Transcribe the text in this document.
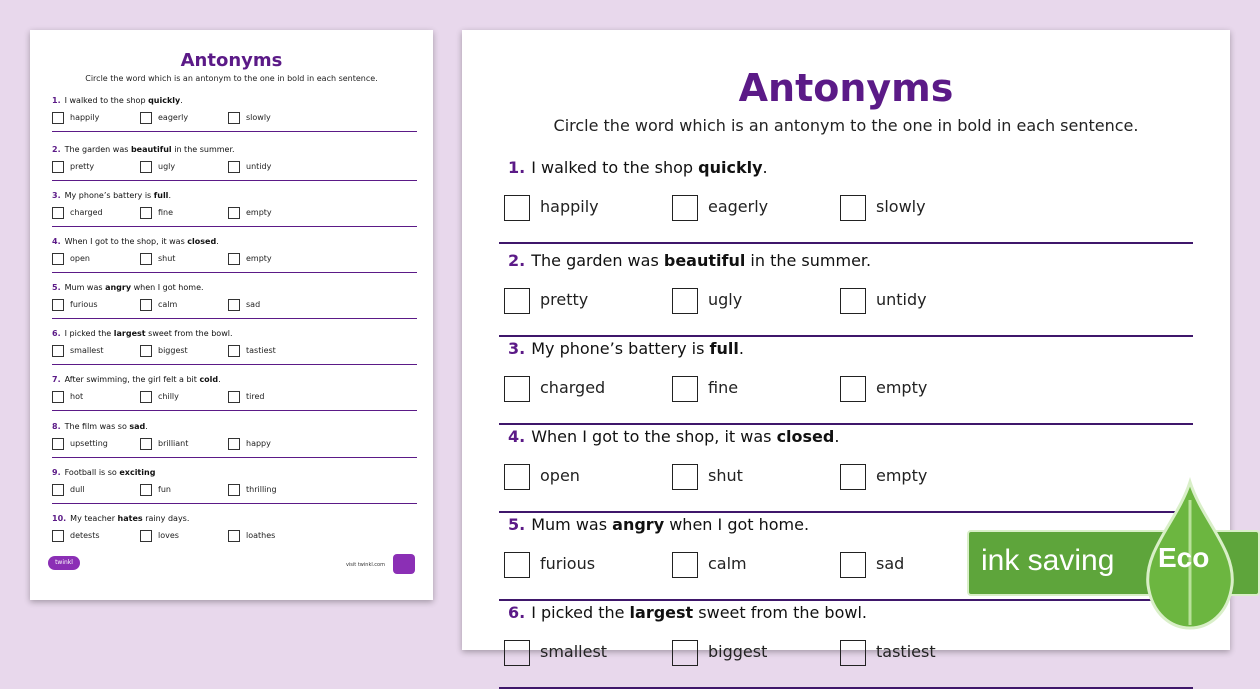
Antonyms
Circle the word which is an antonym to the one in bold in each sentence.
1. I walked to the shop quickly.
happily	eagerly	slowly
2. The garden was beautiful in the summer.
pretty	ugly	untidy
3. My phone’s battery is full.
charged	fine	empty
4. When I got to the shop, it was closed.
open	shut	empty
5. Mum was angry when I got home.
furious	calm	sad
6. I picked the largest sweet from the bowl.
smallest	biggest	tastiest
7. After swimming, the girl felt a bit cold.
hot	chilly	tired
8. The film was so sad.
upsetting	brilliant	happy
9. Football is so exciting
dull	fun	thrilling
10. My teacher hates rainy days.
detests	loves	loathes
twinkl	visit twinkl.com
Antonyms
Circle the word which is an antonym to the one in bold in each sentence.
1. I walked to the shop quickly.
happily	eagerly	slowly
2. The garden was beautiful in the summer.
pretty	ugly	untidy
3. My phone’s battery is full.
charged	fine	empty
4. When I got to the shop, it was closed.
open	shut	empty
5. Mum was angry when I got home.
furious	calm	sad
6. I picked the largest sweet from the bowl.
smallest	biggest	tastiest
ink saving Eco
